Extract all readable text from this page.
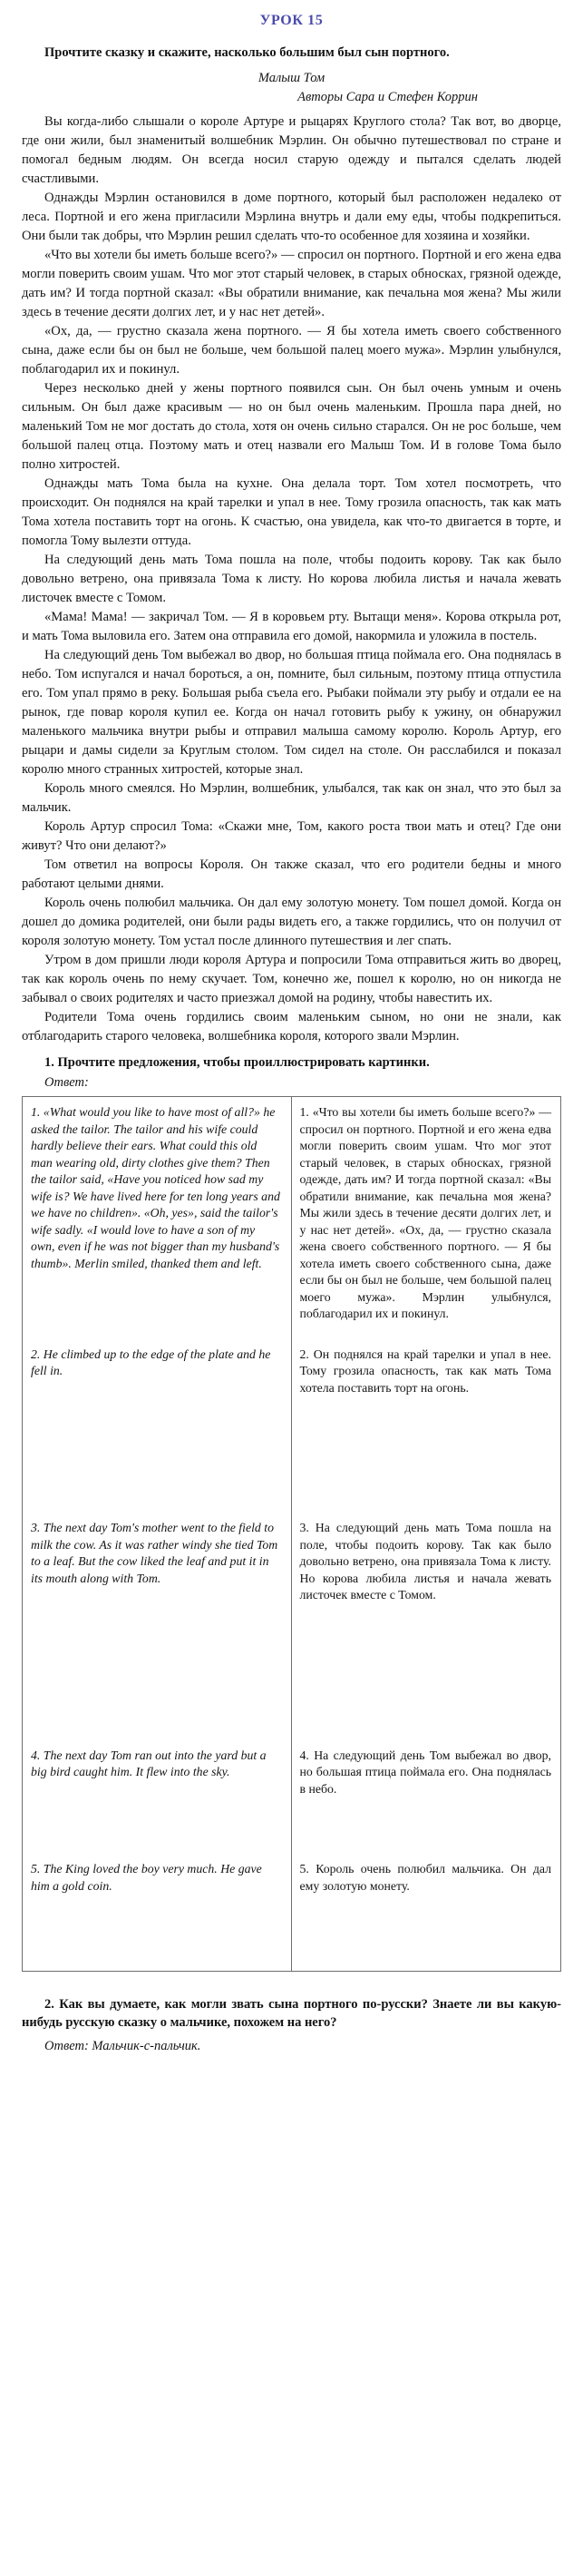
УРОК 15

Прочтите сказку и скажите, насколько большим был сын портного.

Малыш Том

Авторы Сара и Стефен Коррин

Вы когда-либо слышали о короле Артуре и рыцарях Круглого стола? Так вот, во дворце, где они жили, был знаменитый волшебник Мэрлин. Он обычно путешествовал по стране и помогал бедным людям. Он всегда носил старую одежду и пытался сделать людей счастливыми.

Однажды Мэрлин остановился в доме портного, который был расположен недалеко от леса. Портной и его жена пригласили Мэрлина внутрь и дали ему еды, чтобы подкрепиться. Они были так добры, что Мэрлин решил сделать что-то особенное для хозяина и хозяйки.

«Что вы хотели бы иметь больше всего?» — спросил он портного. Портной и его жена едва могли поверить своим ушам. Что мог этот старый человек, в старых обносках, грязной одежде, дать им? И тогда портной сказал: «Вы обратили внимание, как печальна моя жена? Мы жили здесь в течение десяти долгих лет, и у нас нет детей».

«Ох, да, — грустно сказала жена портного. — Я бы хотела иметь своего собственного сына, даже если бы он был не больше, чем большой палец моего мужа». Мэрлин улыбнулся, поблагодарил их и покинул.

Через несколько дней у жены портного появился сын. Он был очень умным и очень сильным. Он был даже красивым — но он был очень маленьким. Прошла пара дней, но маленький Том не мог достать до стола, хотя он очень сильно старался. Он не рос больше, чем большой палец отца. Поэтому мать и отец назвали его Малыш Том. И в голове Тома было полно хитростей.

Однажды мать Тома была на кухне. Она делала торт. Том хотел посмотреть, что происходит. Он поднялся на край тарелки и упал в нее. Тому грозила опасность, так как мать Тома хотела поставить торт на огонь. К счастью, она увидела, как что-то двигается в торте, и помогла Тому вылезти оттуда.

На следующий день мать Тома пошла на поле, чтобы подоить корову. Так как было довольно ветрено, она привязала Тома к листу. Но корова любила листья и начала жевать листочек вместе с Томом.

«Мама! Мама! — закричал Том. — Я в коровьем рту. Вытащи меня». Корова открыла рот, и мать Тома выловила его. Затем она отправила его домой, накормила и уложила в постель.

На следующий день Том выбежал во двор, но большая птица поймала его. Она поднялась в небо. Том испугался и начал бороться, а он, помните, был сильным, поэтому птица отпустила его. Том упал прямо в реку. Большая рыба съела его. Рыбаки поймали эту рыбу и отдали ее на рынок, где повар короля купил ее. Когда он начал готовить рыбу к ужину, он обнаружил маленького мальчика внутри рыбы и отправил малыша самому королю. Король Артур, его рыцари и дамы сидели за Круглым столом. Том сидел на столе. Он расслабился и показал королю много странных хитростей, которые знал.

Король много смеялся. Но Мэрлин, волшебник, улыбался, так как он знал, что это был за мальчик.

Король Артур спросил Тома: «Скажи мне, Том, какого роста твои мать и отец? Где они живут? Что они делают?»

Том ответил на вопросы Короля. Он также сказал, что его родители бедны и много работают целыми днями.

Король очень полюбил мальчика. Он дал ему золотую монету. Том пошел домой. Когда он дошел до домика родителей, они были рады видеть его, а также гордились, что он получил от короля золотую монету. Том устал после длинного путешествия и лег спать.

Утром в дом пришли люди короля Артура и попросили Тома отправиться жить во дворец, так как король очень по нему скучает. Том, конечно же, пошел к королю, но он никогда не забывал о своих родителях и часто приезжал домой на родину, чтобы навестить их.

Родители Тома очень гордились своим маленьким сыном, но они не знали, как отблагодарить старого человека, волшебника короля, которого звали Мэрлин.

1. Прочтите предложения, чтобы проиллюстрировать картинки.

Ответ:

1. «What would you like to have most of all?» he asked the tailor. The tailor and his wife could hardly believe their ears. What could this old man wearing old, dirty clothes give them? Then the tailor said, «Have you noticed how sad my wife is? We have lived here for ten long years and we have no children». «Oh, yes», said the tailor's wife sadly. «I would love to have a son of my own, even if he was not bigger than my husband's thumb». Merlin smiled, thanked them and left.
1. «Что вы хотели бы иметь больше всего?» — спросил он портного. Портной и его жена едва могли поверить своим ушам. Что мог этот старый человек, в старых обносках, грязной одежде, дать им? И тогда портной сказал: «Вы обратили внимание, как печальна моя жена? Мы жили здесь в течение десяти долгих лет, и у нас нет детей». «Ох, да, — грустно сказала жена своего собственного портного. — Я бы хотела иметь своего собственного сына, даже если бы он был не больше, чем большой палец моего мужа». Мэрлин улыбнулся, поблагодарил их и покинул.
2. He climbed up to the edge of the plate and he fell in.
2. Он поднялся на край тарелки и упал в нее. Тому грозила опасность, так как мать Тома хотела поставить торт на огонь.
3. The next day Tom's mother went to the field to milk the cow. As it was rather windy she tied Tom to a leaf. But the cow liked the leaf and put it in its mouth along with Tom.
3. На следующий день мать Тома пошла на поле, чтобы подоить корову. Так как было довольно ветрено, она привязала Тома к листу. Но корова любила листья и начала жевать листочек вместе с Томом.
4. The next day Tom ran out into the yard but a big bird caught him. It flew into the sky.
4. На следующий день Том выбежал во двор, но большая птица поймала его. Она поднялась в небо.
5. The King loved the boy very much. He gave him a gold coin.
5. Король очень полюбил мальчика. Он дал ему золотую монету.

2. Как вы думаете, как могли звать сына портного по-русски? Знаете ли вы какую-нибудь русскую сказку о мальчике, похожем на него?

Ответ: Мальчик-с-пальчик.
